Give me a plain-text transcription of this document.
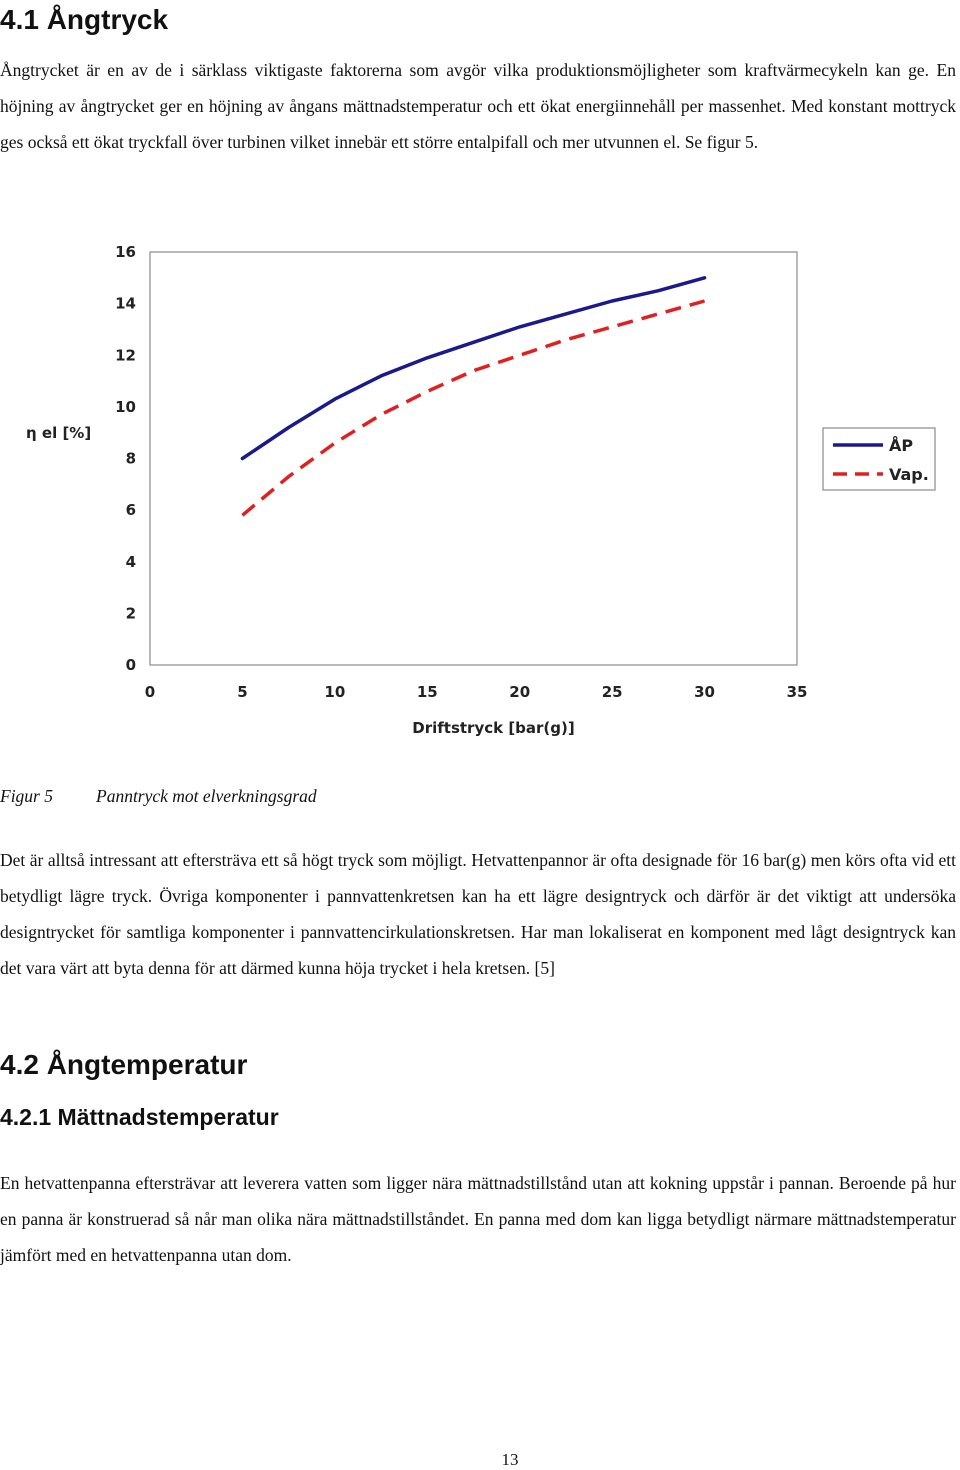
4.1 Ångtryck

Ångtrycket är en av de i särklass viktigaste faktorerna som avgör vilka produktionsmöjligheter som kraftvärmecykeln kan ge. En höjning av ångtrycket ger en höjning av ångans mättnadstemperatur och ett ökat energiinnehåll per massenhet. Med konstant mottryck ges också ett ökat tryckfall över turbinen vilket innebär ett större entalpifall och mer utvunnen el. Se figur 5.

0
2
4
6
8
10
12
14
16
0	5	10	15	20	25	30	35
η el [%]
Driftstryck [bar(g)]
ÅP
Vap.
Figur 5 Panntryck mot elverkningsgrad

Det är alltså intressant att eftersträva ett så högt tryck som möjligt. Hetvattenpannor är ofta designade för 16 bar(g) men körs ofta vid ett betydligt lägre tryck. Övriga komponenter i pannvattenkretsen kan ha ett lägre designtryck och därför är det viktigt att undersöka designtrycket för samtliga komponenter i pannvattencirkulationskretsen. Har man lokaliserat en komponent med lågt designtryck kan det vara värt att byta denna för att därmed kunna höja trycket i hela kretsen. [5]

4.2 Ångtemperatur
4.2.1 Mättnadstemperatur

En hetvattenpanna eftersträvar att leverera vatten som ligger nära mättnadstillstånd utan att kokning uppstår i pannan. Beroende på hur en panna är konstruerad så når man olika nära mättnadstillståndet. En panna med dom kan ligga betydligt närmare mättnadstemperatur jämfört med en hetvattenpanna utan dom.

13
